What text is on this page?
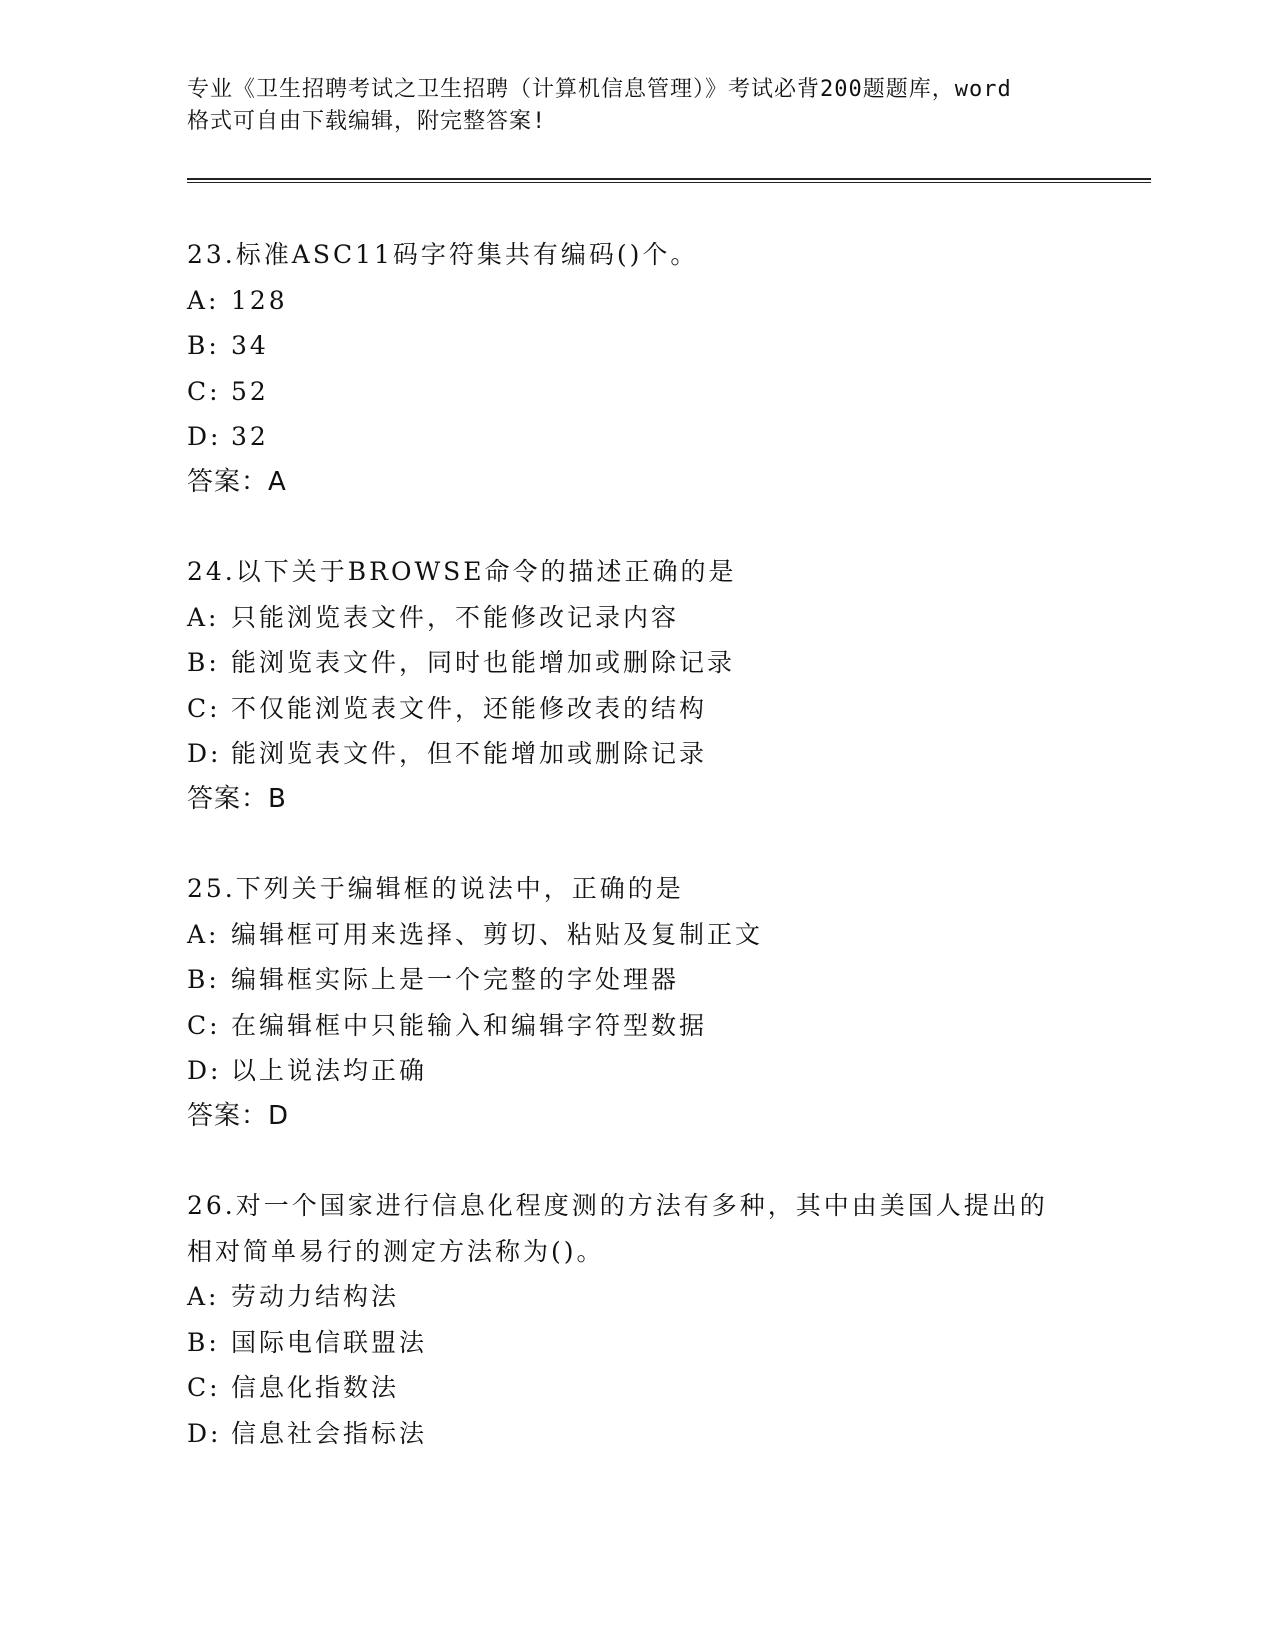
专业《卫生招聘考试之卫生招聘（计算机信息管理）》考试必背200题题库，word
格式可自由下载编辑，附完整答案!
23.标准ASC11码字符集共有编码()个。
A: 128
B: 34
C: 52
D: 32
答案：A
24.以下关于BROWSE命令的描述正确的是
A: 只能浏览表文件，不能修改记录内容
B: 能浏览表文件，同时也能增加或删除记录
C: 不仅能浏览表文件，还能修改表的结构
D: 能浏览表文件，但不能增加或删除记录
答案：B
25.下列关于编辑框的说法中，正确的是
A: 编辑框可用来选择、剪切、粘贴及复制正文
B: 编辑框实际上是一个完整的字处理器
C: 在编辑框中只能输入和编辑字符型数据
D: 以上说法均正确
答案：D
26.对一个国家进行信息化程度测的方法有多种，其中由美国人提出的
相对简单易行的测定方法称为()。
A: 劳动力结构法
B: 国际电信联盟法
C: 信息化指数法
D: 信息社会指标法
